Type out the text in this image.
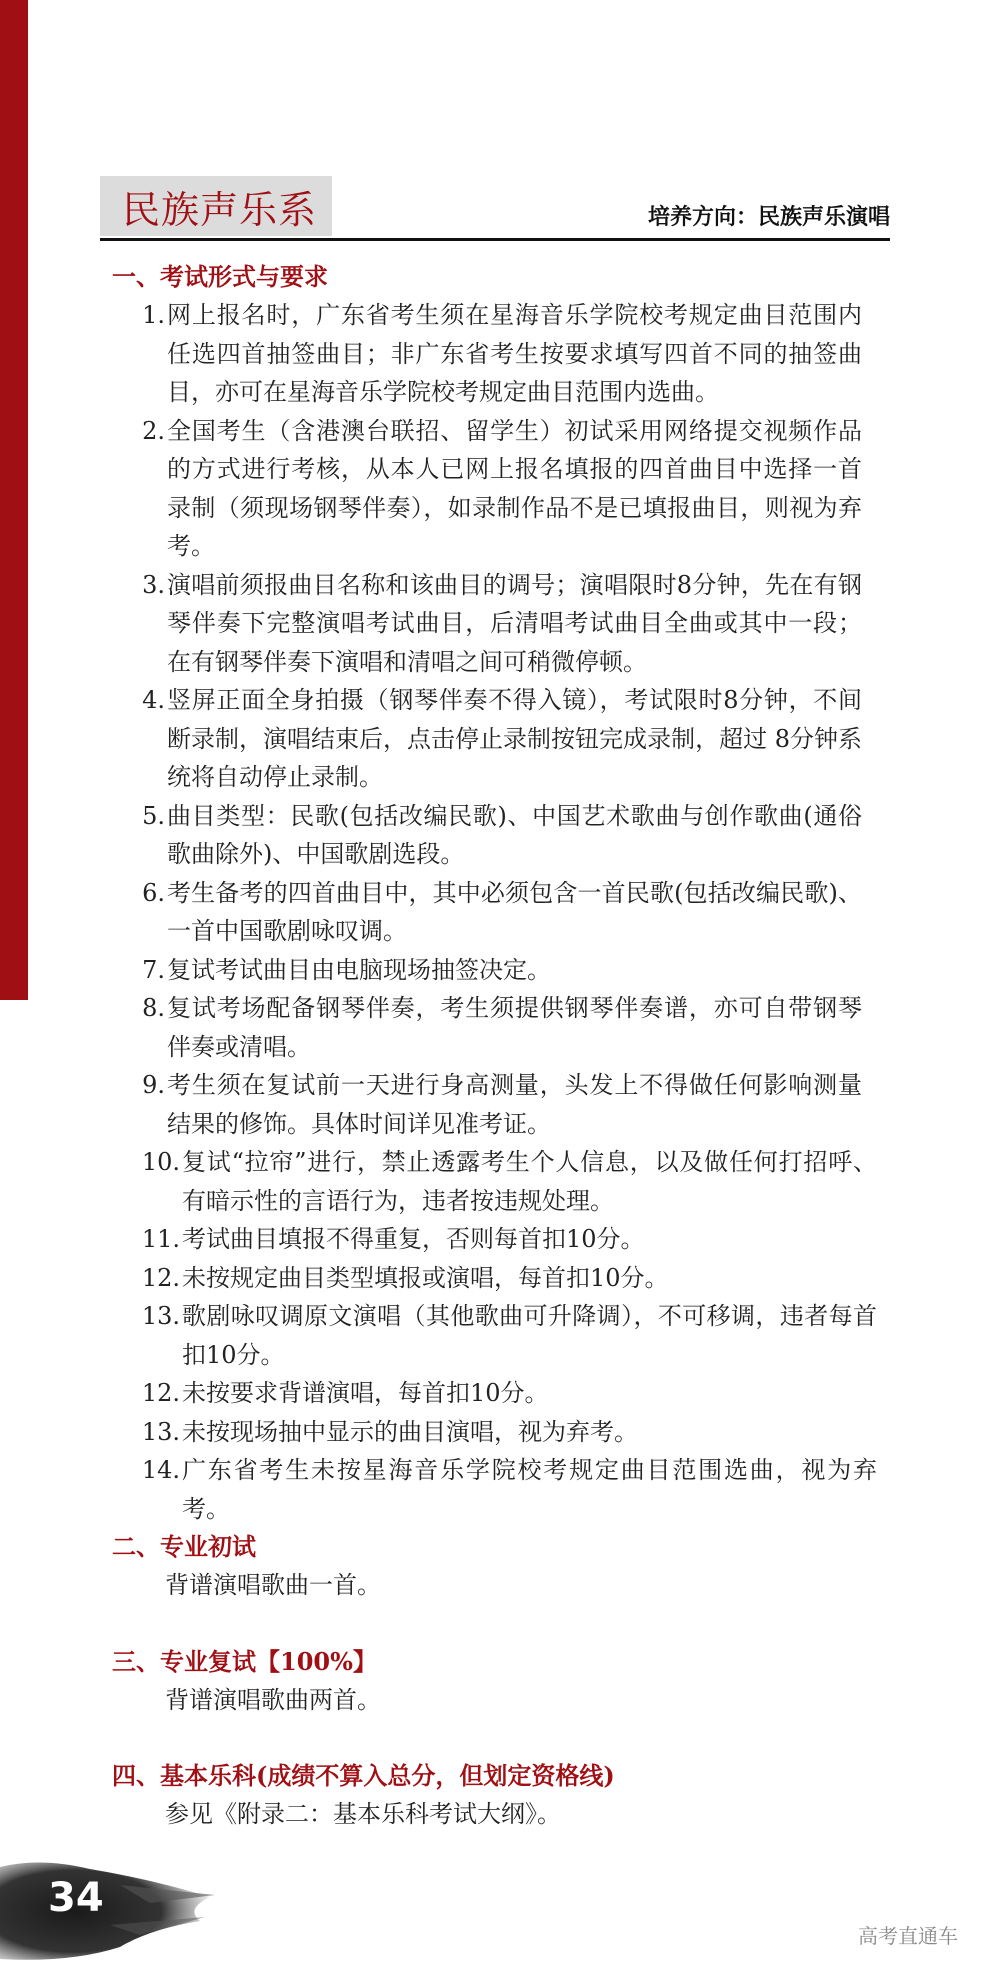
民族声乐系	培养方向：民族声乐演唱
一、考试形式与要求
1. 网上报名时，广东省考生须在星海音乐学院校考规定曲目范围内任选四首抽签曲目；非广东省考生按要求填写四首不同的抽签曲目，亦可在星海音乐学院校考规定曲目范围内选曲。
2. 全国考生（含港澳台联招、留学生）初试采用网络提交视频作品的方式进行考核，从本人已网上报名填报的四首曲目中选择一首录制（须现场钢琴伴奏），如录制作品不是已填报曲目，则视为弃考。
3. 演唱前须报曲目名称和该曲目的调号；演唱限时8分钟，先在有钢琴伴奏下完整演唱考试曲目，后清唱考试曲目全曲或其中一段；在有钢琴伴奏下演唱和清唱之间可稍微停顿。
4. 竖屏正面全身拍摄（钢琴伴奏不得入镜），考试限时8分钟，不间断录制，演唱结束后，点击停止录制按钮完成录制，超过 8分钟系统将自动停止录制。
5. 曲目类型：民歌(包括改编民歌)、中国艺术歌曲与创作歌曲(通俗歌曲除外)、中国歌剧选段。
6. 考生备考的四首曲目中，其中必须包含一首民歌(包括改编民歌)、一首中国歌剧咏叹调。
7. 复试考试曲目由电脑现场抽签决定。
8. 复试考场配备钢琴伴奏，考生须提供钢琴伴奏谱，亦可自带钢琴伴奏或清唱。
9. 考生须在复试前一天进行身高测量，头发上不得做任何影响测量结果的修饰。具体时间详见准考证。
10. 复试“拉帘”进行，禁止透露考生个人信息，以及做任何打招呼、有暗示性的言语行为，违者按违规处理。
11. 考试曲目填报不得重复，否则每首扣10分。
12. 未按规定曲目类型填报或演唱，每首扣10分。
13. 歌剧咏叹调原文演唱（其他歌曲可升降调），不可移调，违者每首扣10分。
12. 未按要求背谱演唱，每首扣10分。
13. 未按现场抽中显示的曲目演唱，视为弃考。
14. 广东省考生未按星海音乐学院校考规定曲目范围选曲，视为弃考。
二、专业初试
背谱演唱歌曲一首。
三、专业复试【100%】
背谱演唱歌曲两首。
四、基本乐科(成绩不算入总分，但划定资格线)
参见《附录二：基本乐科考试大纲》。
34
高考直通车
